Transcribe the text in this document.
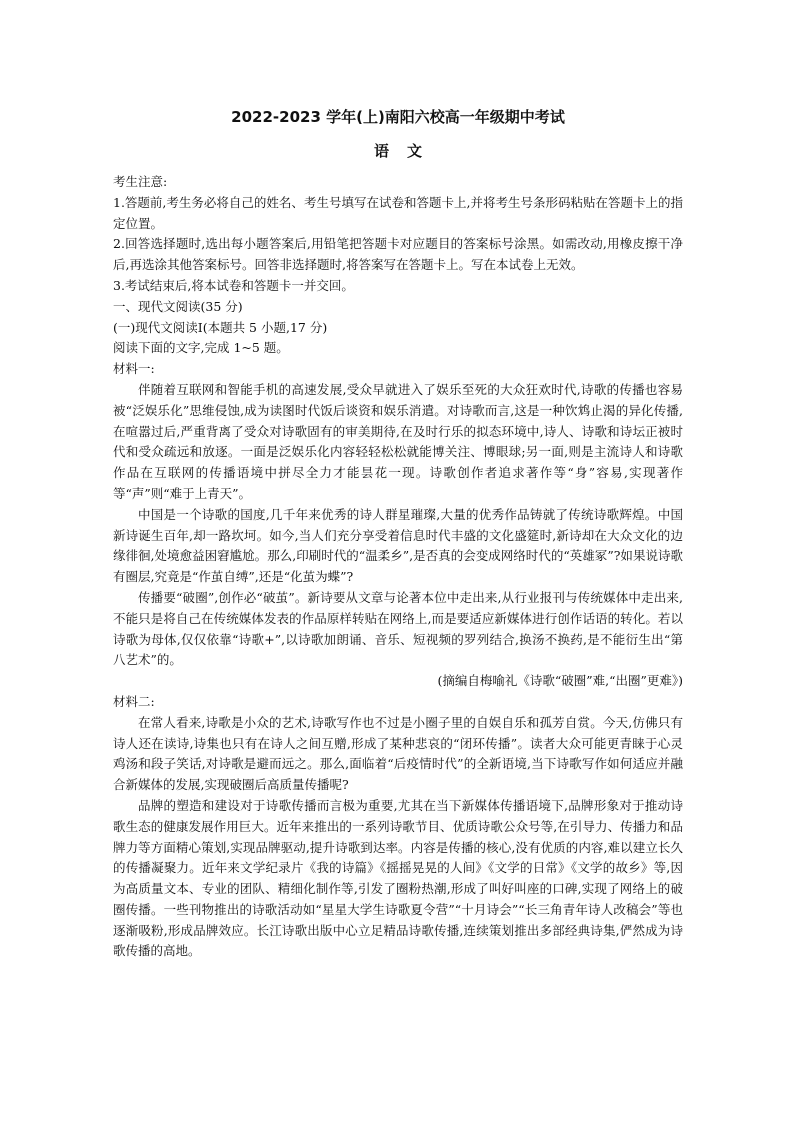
2022-2023 学年(上)南阳六校高一年级期中考试
语文

考生注意:

1.答题前,考生务必将自己的姓名、考生号填写在试卷和答题卡上,并将考生号条形码粘贴在答题卡上的指定位置。

2.回答选择题时,选出每小题答案后,用铅笔把答题卡对应题目的答案标号涂黑。如需改动,用橡皮擦干净后,再选涂其他答案标号。回答非选择题时,将答案写在答题卡上。写在本试卷上无效。

3.考试结束后,将本试卷和答题卡一并交回。

一、现代文阅读(35 分)

(一)现代文阅读Ⅰ(本题共 5 小题,17 分)

阅读下面的文字,完成 1~5 题。

材料一:

伴随着互联网和智能手机的高速发展,受众早就进入了娱乐至死的大众狂欢时代,诗歌的传播也容易被“泛娱乐化”思维侵蚀,成为读图时代饭后谈资和娱乐消遣。对诗歌而言,这是一种饮鸩止渴的异化传播,在喧嚣过后,严重背离了受众对诗歌固有的审美期待,在及时行乐的拟态环境中,诗人、诗歌和诗坛正被时代和受众疏远和放逐。一面是泛娱乐化内容轻轻松松就能博关注、博眼球;另一面,则是主流诗人和诗歌作品在互联网的传播语境中拼尽全力才能昙花一现。诗歌创作者追求著作等“身”容易,实现著作等“声”则“难于上青天”。

中国是一个诗歌的国度,几千年来优秀的诗人群星璀璨,大量的优秀作品铸就了传统诗歌辉煌。中国新诗诞生百年,却一路坎坷。如今,当人们充分享受着信息时代丰盛的文化盛筵时,新诗却在大众文化的边缘徘徊,处境愈益困窘尴尬。那么,印刷时代的“温柔乡”,是否真的会变成网络时代的“英雄冢”?如果说诗歌有圈层,究竟是“作茧自缚”,还是“化茧为蝶”?

传播要“破圈”,创作必“破茧”。新诗要从文章与论著本位中走出来,从行业报刊与传统媒体中走出来,不能只是将自己在传统媒体发表的作品原样转贴在网络上,而是要适应新媒体进行创作话语的转化。若以诗歌为母体,仅仅依靠“诗歌+”,以诗歌加朗诵、音乐、短视频的罗列结合,换汤不换药,是不能衍生出“第八艺术”的。

(摘编自梅喻礼《诗歌“破圈”难,“出圈”更难》)

材料二:

在常人看来,诗歌是小众的艺术,诗歌写作也不过是小圈子里的自娱自乐和孤芳自赏。今天,仿佛只有诗人还在读诗,诗集也只有在诗人之间互赠,形成了某种悲哀的“闭环传播”。读者大众可能更青睐于心灵鸡汤和段子笑话,对诗歌是避而远之。那么,面临着“后疫情时代”的全新语境,当下诗歌写作如何适应并融合新媒体的发展,实现破圈后高质量传播呢?

品牌的塑造和建设对于诗歌传播而言极为重要,尤其在当下新媒体传播语境下,品牌形象对于推动诗歌生态的健康发展作用巨大。近年来推出的一系列诗歌节目、优质诗歌公众号等,在引导力、传播力和品牌力等方面精心策划,实现品牌驱动,提升诗歌到达率。内容是传播的核心,没有优质的内容,难以建立长久的传播凝聚力。近年来文学纪录片《我的诗篇》《摇摇晃晃的人间》《文学的日常》《文学的故乡》等,因为高质量文本、专业的团队、精细化制作等,引发了圈粉热潮,形成了叫好叫座的口碑,实现了网络上的破圈传播。一些刊物推出的诗歌活动如“星星大学生诗歌夏令营”“十月诗会”“长三角青年诗人改稿会”等也逐渐吸粉,形成品牌效应。长江诗歌出版中心立足精品诗歌传播,连续策划推出多部经典诗集,俨然成为诗歌传播的高地。
